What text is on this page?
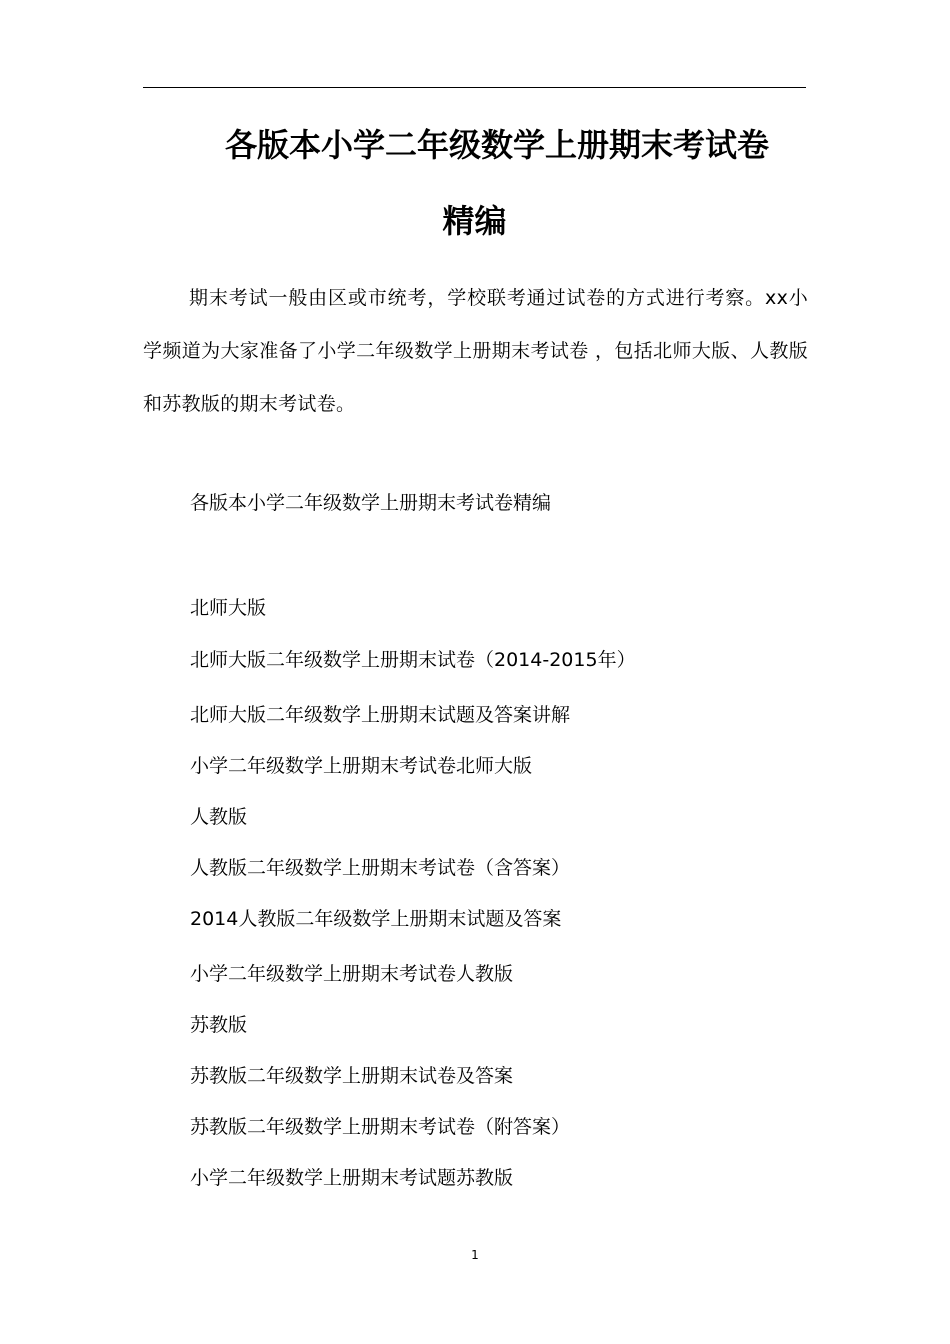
各版本小学二年级数学上册期末考试卷
精编
期末考试一般由区或市统考，学校联考通过试卷的方式进行考察。xx小学频道为大家准备了小学二年级数学上册期末考试卷 ，包括北师大版、人教版和苏教版的期末考试卷。
各版本小学二年级数学上册期末考试卷精编
北师大版
北师大版二年级数学上册期末试卷（2014-2015年）
北师大版二年级数学上册期末试题及答案讲解
小学二年级数学上册期末考试卷北师大版
人教版
人教版二年级数学上册期末考试卷（含答案）
2014人教版二年级数学上册期末试题及答案
小学二年级数学上册期末考试卷人教版
苏教版
苏教版二年级数学上册期末试卷及答案
苏教版二年级数学上册期末考试卷（附答案）
小学二年级数学上册期末考试题苏教版
1
